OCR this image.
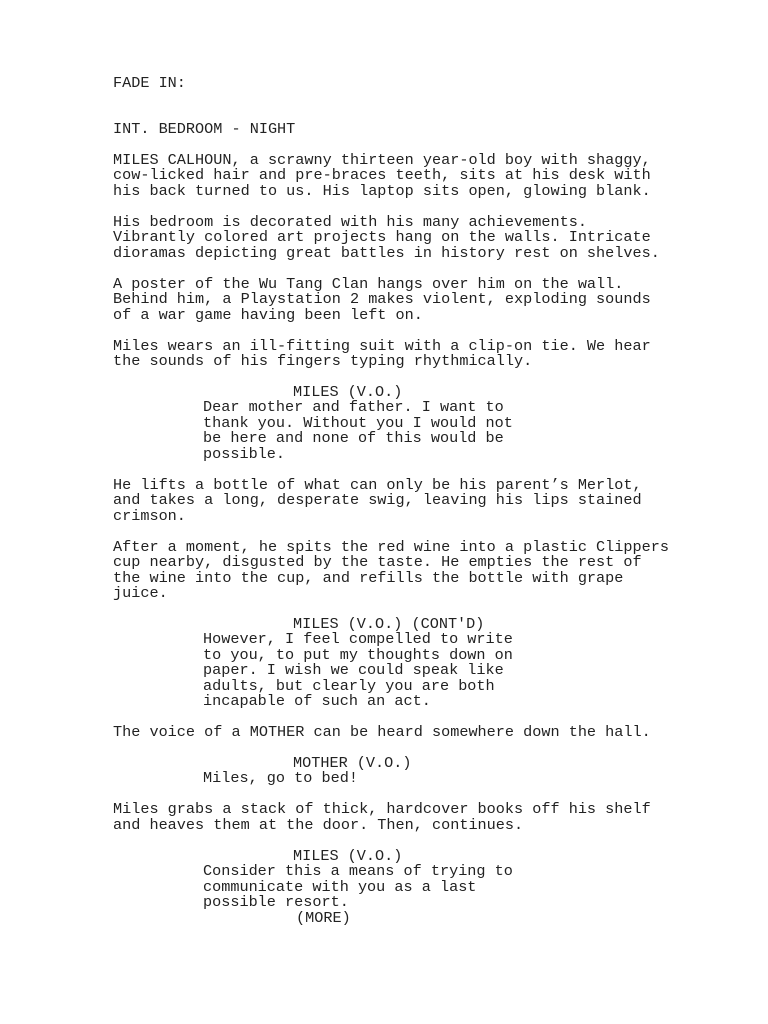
FADE IN:
INT. BEDROOM - NIGHT
MILES CALHOUN, a scrawny thirteen year-old boy with shaggy,
cow-licked hair and pre-braces teeth, sits at his desk with
his back turned to us. His laptop sits open, glowing blank.
His bedroom is decorated with his many achievements.
Vibrantly colored art projects hang on the walls. Intricate
dioramas depicting great battles in history rest on shelves.
A poster of the Wu Tang Clan hangs over him on the wall.
Behind him, a Playstation 2 makes violent, exploding sounds
of a war game having been left on.
Miles wears an ill-fitting suit with a clip-on tie. We hear
the sounds of his fingers typing rhythmically.
MILES (V.O.)
Dear mother and father. I want to
thank you. Without you I would not
be here and none of this would be
possible.
He lifts a bottle of what can only be his parent’s Merlot,
and takes a long, desperate swig, leaving his lips stained
crimson.
After a moment, he spits the red wine into a plastic Clippers
cup nearby, disgusted by the taste. He empties the rest of
the wine into the cup, and refills the bottle with grape
juice.
MILES (V.O.) (CONT'D)
However, I feel compelled to write
to you, to put my thoughts down on
paper. I wish we could speak like
adults, but clearly you are both
incapable of such an act.
The voice of a MOTHER can be heard somewhere down the hall.
MOTHER (V.O.)
Miles, go to bed!
Miles grabs a stack of thick, hardcover books off his shelf
and heaves them at the door. Then, continues.
MILES (V.O.)
Consider this a means of trying to
communicate with you as a last
possible resort.
(MORE)
